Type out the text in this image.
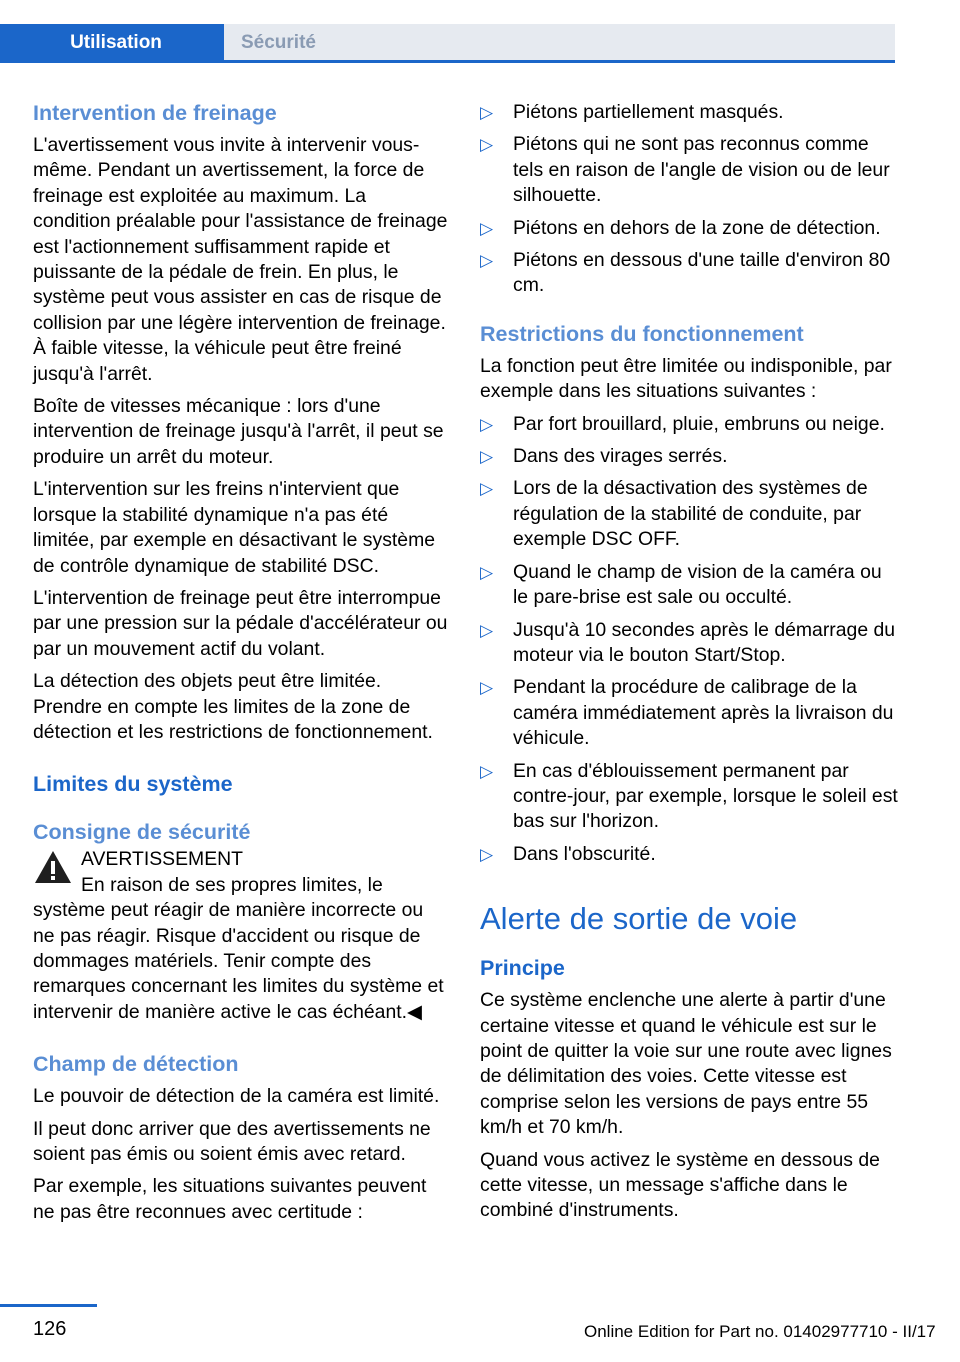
Utilisation	Sécurité

Intervention de freinage

L'avertissement vous invite à intervenir vous-même. Pendant un avertissement, la force de freinage est exploitée au maximum. La condition préalable pour l'assistance de freinage est l'actionnement suffisamment rapide et puissante de la pédale de frein. En plus, le système peut vous assister en cas de risque de collision par une légère intervention de freinage. À faible vitesse, la véhicule peut être freiné jusqu'à l'arrêt.

Boîte de vitesses mécanique : lors d'une intervention de freinage jusqu'à l'arrêt, il peut se produire un arrêt du moteur.

L'intervention sur les freins n'intervient que lorsque la stabilité dynamique n'a pas été limitée, par exemple en désactivant le système de contrôle dynamique de stabilité DSC.

L'intervention de freinage peut être interrompue par une pression sur la pédale d'accélérateur ou par un mouvement actif du volant.

La détection des objets peut être limitée. Prendre en compte les limites de la zone de détection et les restrictions de fonctionnement.

Limites du système

Consigne de sécurité

AVERTISSEMENT

En raison de ses propres limites, le système peut réagir de manière incorrecte ou ne pas réagir. Risque d'accident ou risque de dommages matériels. Tenir compte des remarques concernant les limites du système et intervenir de manière active le cas échéant.◀

Champ de détection

Le pouvoir de détection de la caméra est limité.

Il peut donc arriver que des avertissements ne soient pas émis ou soient émis avec retard.

Par exemple, les situations suivantes peuvent ne pas être reconnues avec certitude :

▷ Piétons partiellement masqués.
▷ Piétons qui ne sont pas reconnus comme tels en raison de l'angle de vision ou de leur silhouette.
▷ Piétons en dehors de la zone de détection.
▷ Piétons en dessous d'une taille d'environ 80 cm.

Restrictions du fonctionnement

La fonction peut être limitée ou indisponible, par exemple dans les situations suivantes :

▷ Par fort brouillard, pluie, embruns ou neige.
▷ Dans des virages serrés.
▷ Lors de la désactivation des systèmes de régulation de la stabilité de conduite, par exemple DSC OFF.
▷ Quand le champ de vision de la caméra ou le pare-brise est sale ou occulté.
▷ Jusqu'à 10 secondes après le démarrage du moteur via le bouton Start/Stop.
▷ Pendant la procédure de calibrage de la caméra immédiatement après la livraison du véhicule.
▷ En cas d'éblouissement permanent par contre-jour, par exemple, lorsque le soleil est bas sur l'horizon.
▷ Dans l'obscurité.

Alerte de sortie de voie

Principe

Ce système enclenche une alerte à partir d'une certaine vitesse et quand le véhicule est sur le point de quitter la voie sur une route avec lignes de délimitation des voies. Cette vitesse est comprise selon les versions de pays entre 55 km/h et 70 km/h.

Quand vous activez le système en dessous de cette vitesse, un message s'affiche dans le combiné d'instruments.

126	Online Edition for Part no. 01402977710 - II/17
